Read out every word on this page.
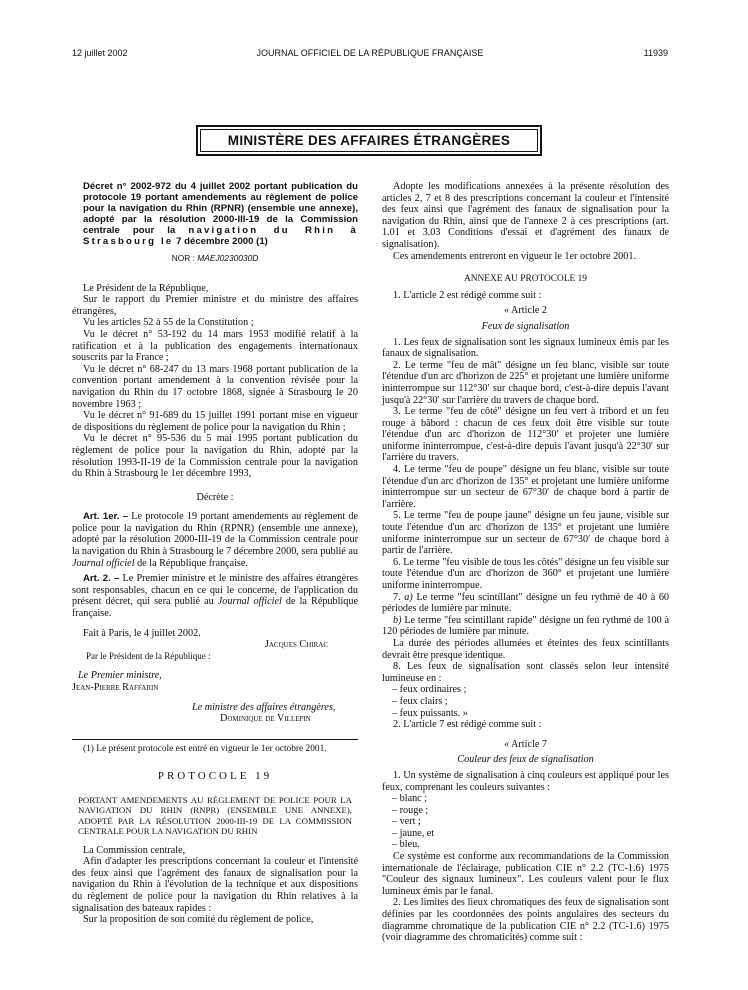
12 juillet 2002	JOURNAL OFFICIEL DE LA RÉPUBLIQUE FRANÇAISE	11939
MINISTÈRE DES AFFAIRES ÉTRANGÈRES
Décret n° 2002-972 du 4 juillet 2002 portant publication du protocole 19 portant amendements au règlement de police pour la navigation du Rhin (RPNR) (ensemble une annexe), adopté par la résolution 2000-III-19 de la Commission centrale pour la navigation du Rhin à Strasbourg le 7 décembre 2000 (1)
NOR : MAEJ0230030D

Le Président de la République,

Sur le rapport du Premier ministre et du ministre des affaires étrangères,

Vu les articles 52 à 55 de la Constitution ;

Vu le décret n° 53-192 du 14 mars 1953 modifié relatif à la ratification et à la publication des engagements internationaux souscrits par la France ;

Vu le décret n° 68-247 du 13 mars 1968 portant publication de la convention portant amendement à la convention révisée pour la navigation du Rhin du 17 octobre 1868, signée à Strasbourg le 20 novembre 1963 ;

Vu le décret n° 91-689 du 15 juillet 1991 portant mise en vigueur de dispositions du règlement de police pour la navigation du Rhin ;

Vu le décret n° 95-536 du 5 mai 1995 portant publication du règlement de police pour la navigation du Rhin, adopté par la résolution 1993-II-19 de la Commission centrale pour la navigation du Rhin à Strasbourg le 1er décembre 1993,

Décrète :

Art. 1er. – Le protocole 19 portant amendements au règlement de police pour la navigation du Rhin (RPNR) (ensemble une annexe), adopté par la résolution 2000-III-19 de la Commission centrale pour la navigation du Rhin à Strasbourg le 7 décembre 2000, sera publié au Journal officiel de la République française.

Art. 2. – Le Premier ministre et le ministre des affaires étrangères sont responsables, chacun en ce qui le concerne, de l'application du présent décret, qui sera publié au Journal officiel de la République française.

Fait à Paris, le 4 juillet 2002.

Jacques Chirac

Par le Président de la République :

Le Premier ministre,

Jean-Pierre Raffarin

Le ministre des affaires étrangères,

Dominique de Villepin

(1) Le présent protocole est entré en vigueur le 1er octobre 2001.

PROTOCOLE 19

PORTANT AMENDEMENTS AU RÈGLEMENT DE POLICE POUR LA NAVIGATION DU RHIN (RNPR) (ENSEMBLE UNE ANNEXE), ADOPTÉ PAR LA RÉSOLUTION 2000-III-19 DE LA COMMISSION CENTRALE POUR LA NAVIGATION DU RHIN

La Commission centrale,

Afin d'adapter les prescriptions concernant la couleur et l'intensité des feux ainsi que l'agrément des fanaux de signalisation pour la navigation du Rhin à l'évolution de la technique et aux dispositions du règlement de police pour la navigation du Rhin relatives à la signalisation des bateaux rapides :

Sur la proposition de son comité du règlement de police,

Adopte les modifications annexées à la présente résolution des articles 2, 7 et 8 des prescriptions concernant la couleur et l'intensité des feux ainsi que l'agrément des fanaux de signalisation pour la navigation du Rhin, ainsi que de l'annexe 2 à ces prescriptions (art. 1.01 et 3.03 Conditions d'essai et d'agrément des fanaux de signalisation).

Ces amendements entreront en vigueur le 1er octobre 2001.

ANNEXE AU PROTOCOLE 19

1. L'article 2 est rédigé comme suit :

« Article 2

Feux de signalisation

1. Les feux de signalisation sont les signaux lumineux émis par les fanaux de signalisation.

2. Le terme "feu de mât" désigne un feu blanc, visible sur toute l'étendue d'un arc d'horizon de 225° et projetant une lumière uniforme ininterrompue sur 112°30′ sur chaque bord, c'est-à-dire depuis l'avant jusqu'à 22°30′ sur l'arrière du travers de chaque bord.

3. Le terme "feu de côté" désigne un feu vert à tribord et un feu rouge à bâbord : chacun de ces feux doit être visible sur toute l'étendue d'un arc d'horizon de 112°30′ et projeter une lumière uniforme ininterrompue, c'est-à-dire depuis l'avant jusqu'à 22°30′ sur l'arrière du travers.

4. Le terme "feu de poupe" désigne un feu blanc, visible sur toute l'étendue d'un arc d'horizon de 135° et projetant une lumière uniforme ininterrompue sur un secteur de 67°30′ de chaque bord à partir de l'arrière.

5. Le terme "feu de poupe jaune" désigne un feu jaune, visible sur toute l'étendue d'un arc d'horizon de 135° et projetant une lumière uniforme ininterrompue sur un secteur de 67°30′ de chaque bord à partir de l'arrière.

6. Le terme "feu visible de tous les côtés" désigne un feu visible sur toute l'étendue d'un arc d'horizon de 360° et projetant une lumière uniforme ininterrompue.

7. a) Le terme "feu scintillant" désigne un feu rythmé de 40 à 60 périodes de lumière par minute.

b) Le terme "feu scintillant rapide" désigne un feu rythmé de 100 à 120 périodes de lumière par minute.

La durée des périodes allumées et éteintes des feux scintillants devrait être presque identique.

8. Les feux de signalisation sont classés selon leur intensité lumineuse en :

– feux ordinaires ;
– feux clairs ;
– feux puissants. »

2. L'article 7 est rédigé comme suit :

« Article 7

Couleur des feux de signalisation

1. Un système de signalisation à cinq couleurs est appliqué pour les feux, comprenant les couleurs suivantes :

– blanc ;
– rouge ;
– vert ;
– jaune, et
– bleu.

Ce système est conforme aux recommandations de la Commission internationale de l'éclairage, publication CIE n° 2.2 (TC-1.6) 1975 "Couleur des signaux lumineux". Les couleurs valent pour le flux lumineux émis par le fanal.

2. Les limites des lieux chromatiques des feux de signalisation sont définies par les coordonnées des points angulaires des secteurs du diagramme chromatique de la publication CIE n° 2.2 (TC-1.6) 1975 (voir diagramme des chromaticités) comme suit :
